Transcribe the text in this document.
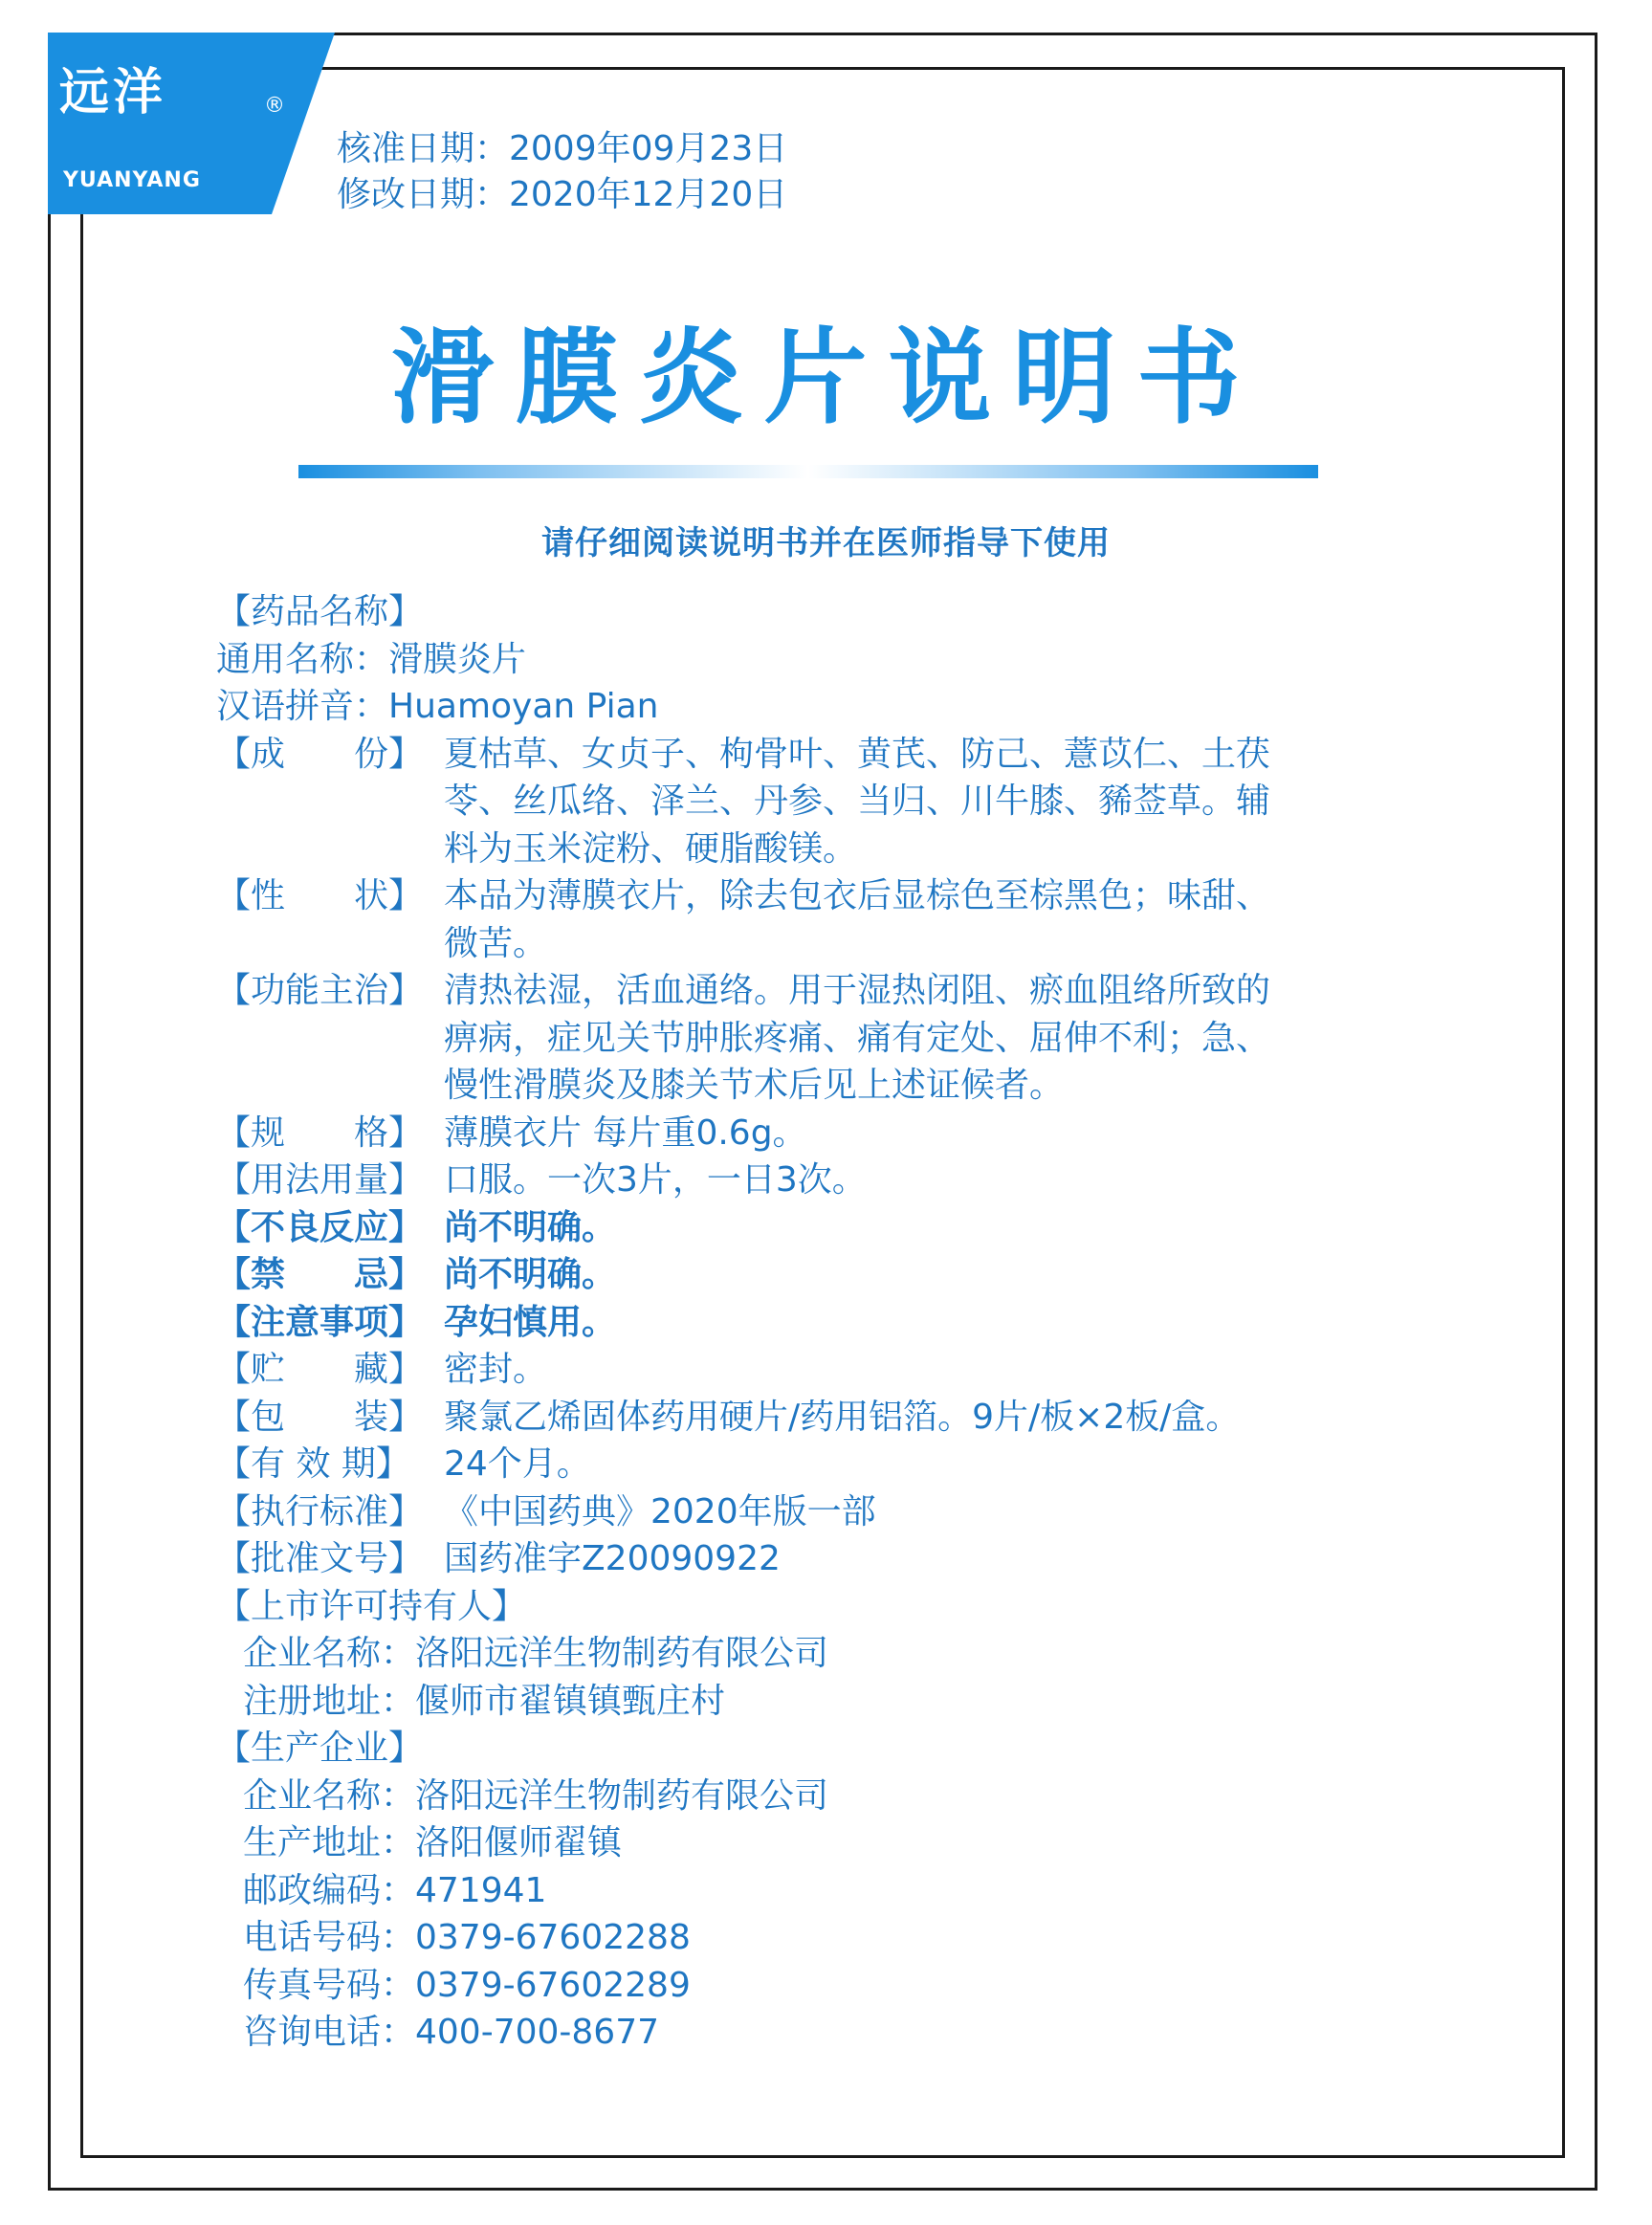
远洋	®
YUANYANG
核准日期：2009年09月23日
修改日期：2020年12月20日
滑膜炎片说明书
请仔细阅读说明书并在医师指导下使用
【药品名称】
通用名称：滑膜炎片
汉语拼音：Huamoyan Pian
【成　　份】 夏枯草、女贞子、枸骨叶、黄芪、防己、薏苡仁、土茯
苓、丝瓜络、泽兰、丹参、当归、川牛膝、豨莶草。辅
料为玉米淀粉、硬脂酸镁。
【性　　状】 本品为薄膜衣片，除去包衣后显棕色至棕黑色；味甜、
微苦。
【功能主治】 清热祛湿，活血通络。用于湿热闭阻、瘀血阻络所致的
痹病，症见关节肿胀疼痛、痛有定处、屈伸不利；急、
慢性滑膜炎及膝关节术后见上述证候者。
【规　　格】 薄膜衣片 每片重0.6g。
【用法用量】 口服。一次3片，一日3次。
【不良反应】 尚不明确。
【禁　　忌】 尚不明确。
【注意事项】 孕妇慎用。
【贮　　藏】 密封。
【包　　装】 聚氯乙烯固体药用硬片/药用铝箔。9片/板×2板/盒。
【有 效 期】 24个月。
【执行标准】 《中国药典》2020年版一部
【批准文号】 国药准字Z20090922
【上市许可持有人】
企业名称：洛阳远洋生物制药有限公司
注册地址：偃师市翟镇镇甄庄村
【生产企业】
企业名称：洛阳远洋生物制药有限公司
生产地址：洛阳偃师翟镇
邮政编码：471941
电话号码：0379-67602288
传真号码：0379-67602289
咨询电话：400-700-8677
